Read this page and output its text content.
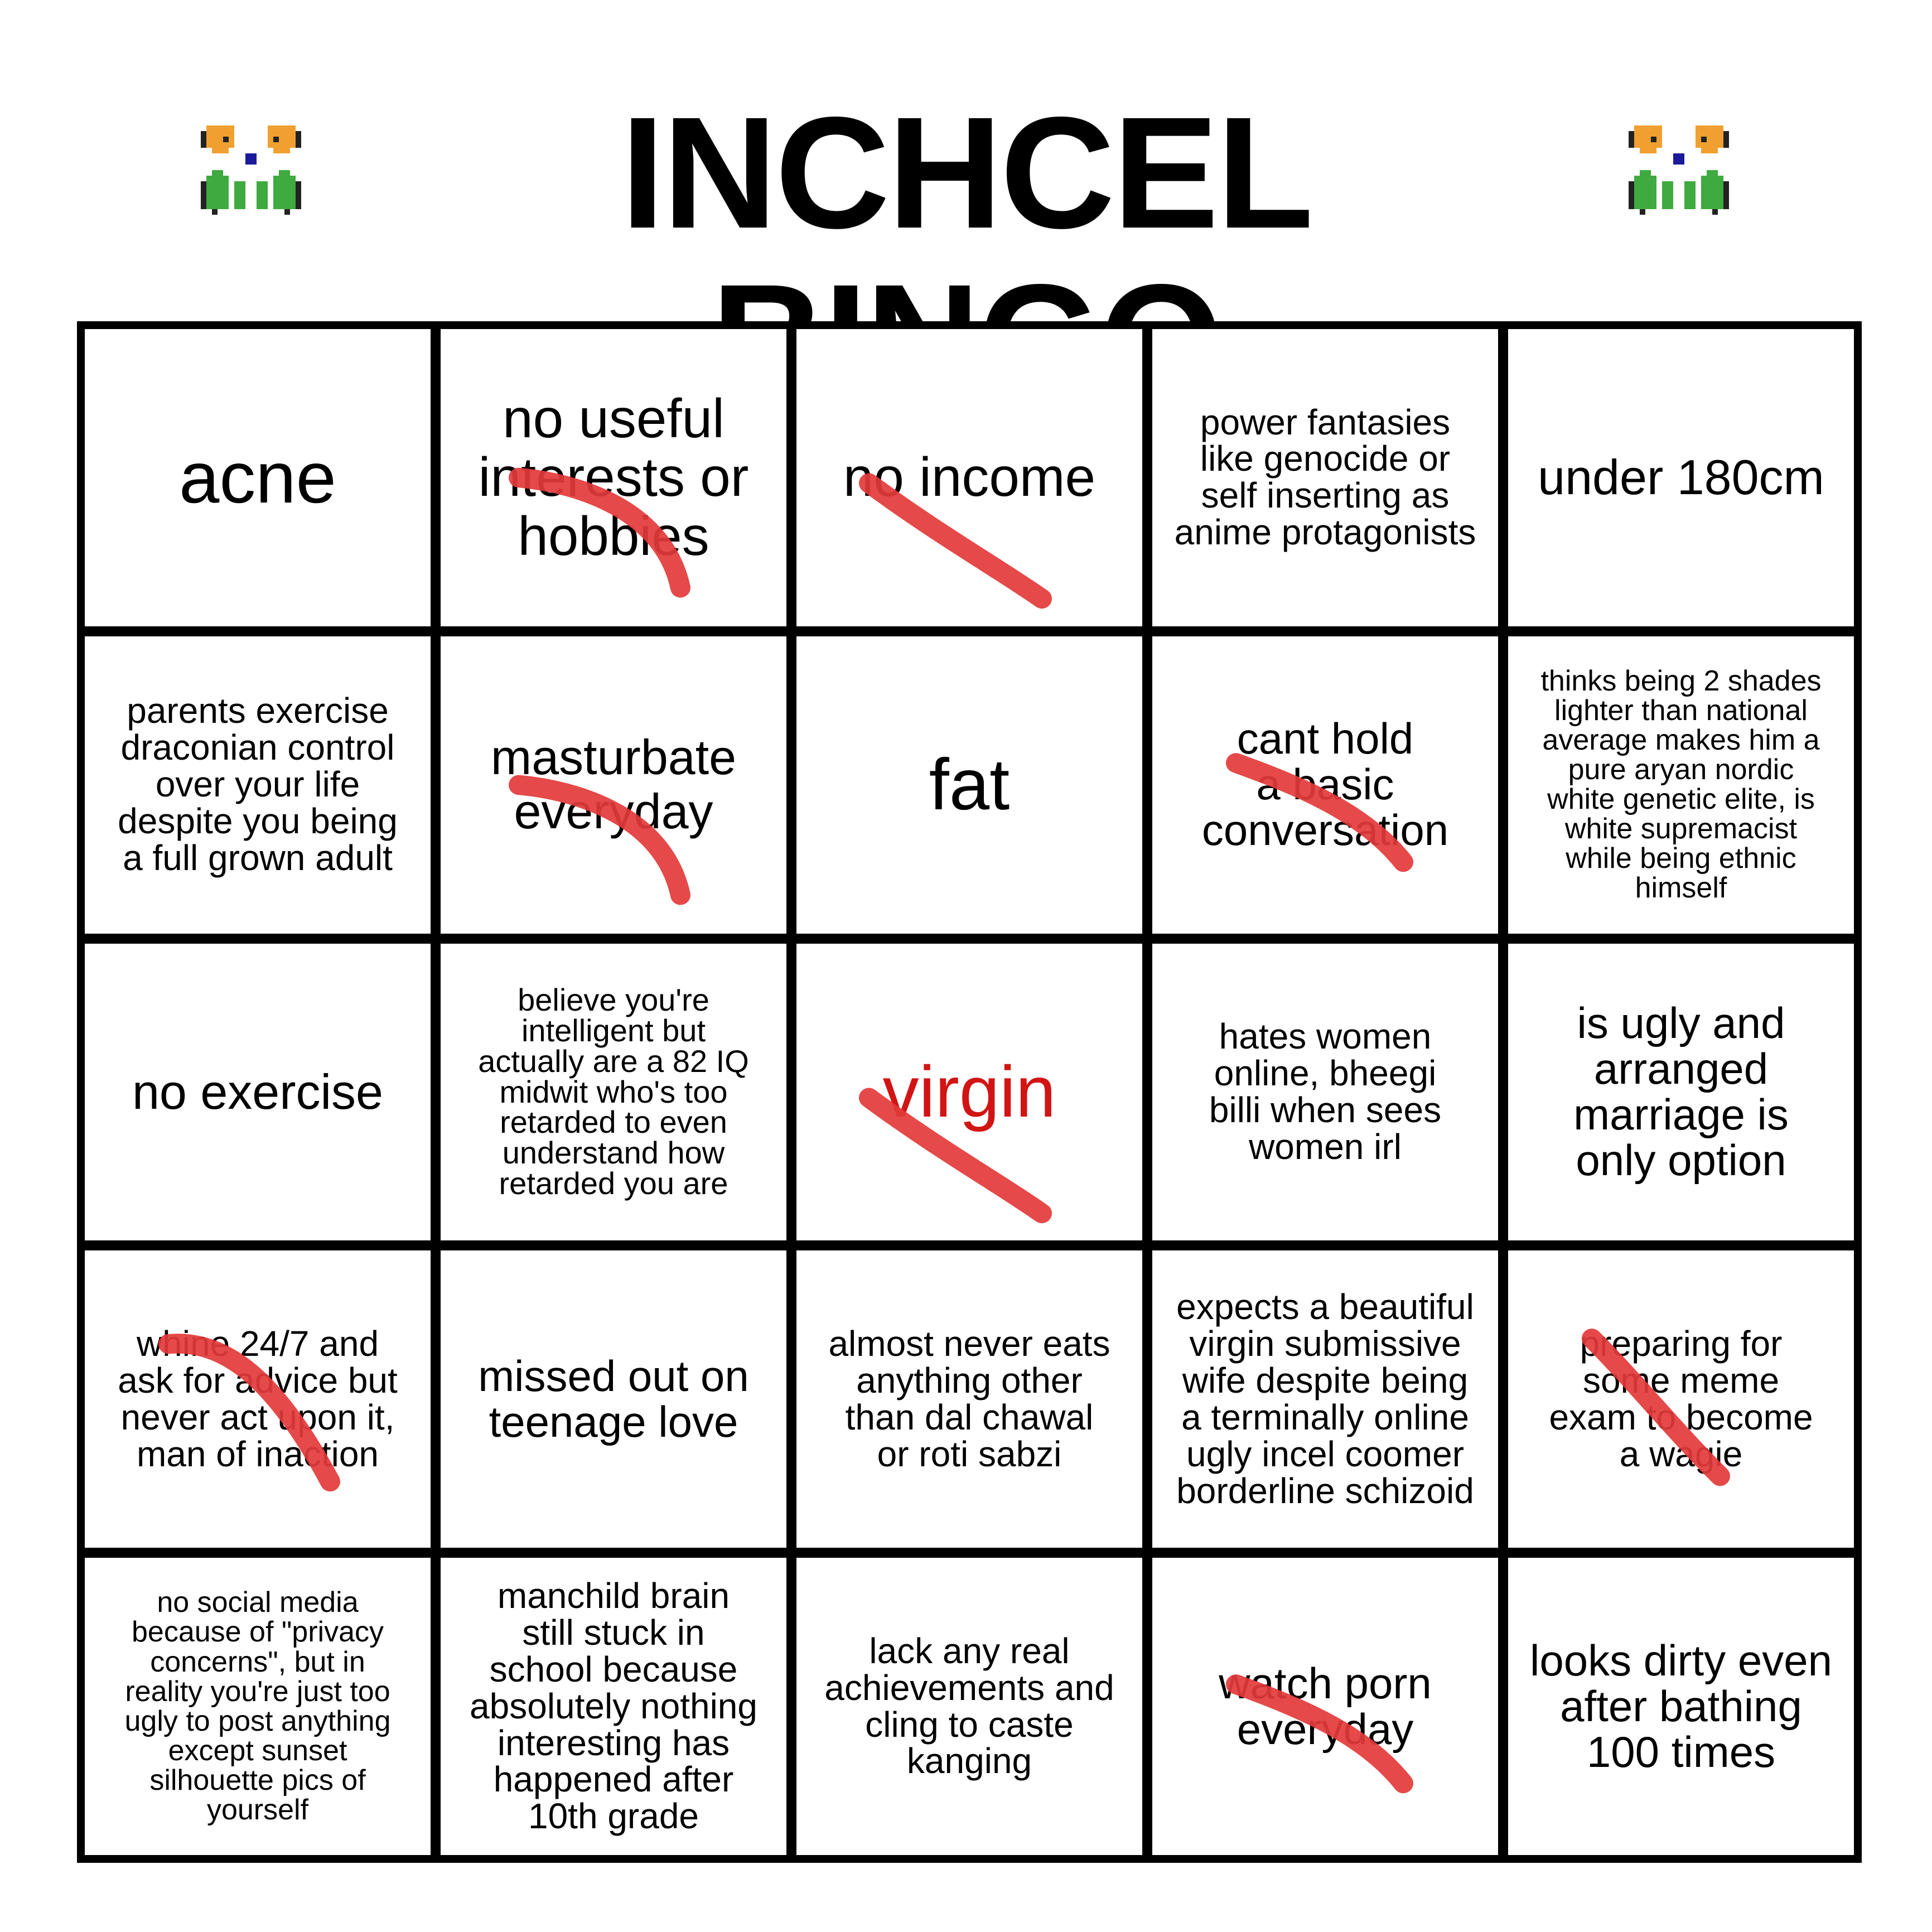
INCHCEL
acne
no useful
interests or
hobbies
no income
power fantasies
like genocide or
self inserting as
anime protagonists
under 180cm
parents exercise
draconian control
over your life
despite you being
a full grown adult
masturbate
everyday	fat
cant hold
a basic
conversation
thinks being 2 shades
lighter than national
average makes him a
pure aryan nordic
white genetic elite, is
white supremacist
while being ethnic
himself
no exercise
believe you're
intelligent but
actually are a 82 IQ
midwit who's too
retarded to even
understand how
retarded you are
virgin
hates women
online, bheegi
billi when sees
women irl
is ugly and
arranged
marriage is
only option
whine 24/7 and
ask for advice but
never act upon it,
man of inaction
missed out on
teenage love
almost never eats
anything other
than dal chawal
or roti sabzi
expects a beautiful
virgin submissive
wife despite being
a terminally online
ugly incel coomer
borderline schizoid
preparing for
some meme
exam to become
a wagie
no social media
because of "privacy
concerns", but in
reality you're just too
ugly to post anything
except sunset
silhouette pics of
yourself
manchild brain
still stuck in
school because
absolutely nothing
interesting has
happened after
10th grade
lack any real
achievements and
cling to caste
kanging
watch porn
everyday
looks dirty even
after bathing
100 times
